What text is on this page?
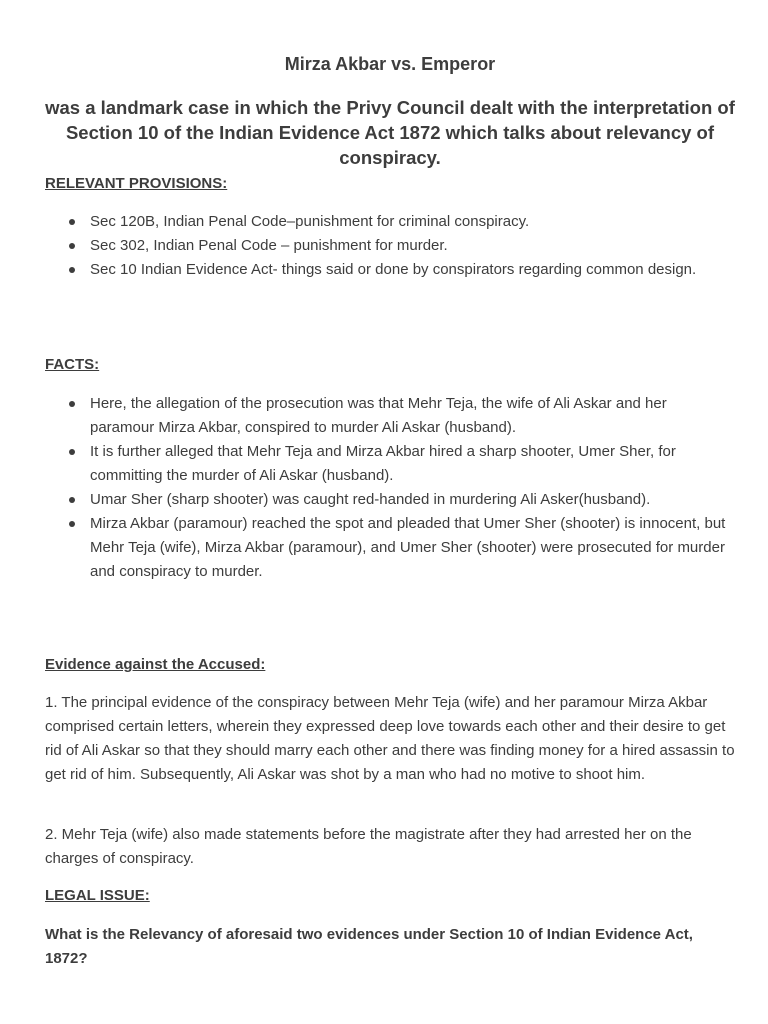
Mirza Akbar vs. Emperor
was a landmark case in which the Privy Council dealt with the interpretation of Section 10 of the Indian Evidence Act 1872 which talks about relevancy of conspiracy.
RELEVANT PROVISIONS:
Sec 120B, Indian Penal Code–punishment for criminal conspiracy.
Sec 302, Indian Penal Code – punishment for murder.
Sec 10 Indian Evidence Act- things said or done by conspirators regarding common design.
FACTS:
Here, the allegation of the prosecution was that Mehr Teja, the wife of Ali Askar and her paramour Mirza Akbar, conspired to murder Ali Askar (husband).
It is further alleged that Mehr Teja and Mirza Akbar hired a sharp shooter, Umer Sher, for committing the murder of Ali Askar (husband).
Umar Sher (sharp shooter) was caught red-handed in murdering Ali Asker(husband).
Mirza Akbar (paramour) reached the spot and pleaded that Umer Sher (shooter) is innocent, but Mehr Teja (wife), Mirza Akbar (paramour), and Umer Sher (shooter) were prosecuted for murder and conspiracy to murder.
Evidence against the Accused:

1. The principal evidence of the conspiracy between Mehr Teja (wife) and her paramour Mirza Akbar comprised certain letters, wherein they expressed deep love towards each other and their desire to get rid of Ali Askar so that they should marry each other and there was finding money for a hired assassin to get rid of him. Subsequently, Ali Askar was shot by a man who had no motive to shoot him.

2. Mehr Teja (wife) also made statements before the magistrate after they had arrested her on the charges of conspiracy.

LEGAL ISSUE:

What is the Relevancy of aforesaid two evidences under Section 10 of Indian Evidence Act, 1872?
